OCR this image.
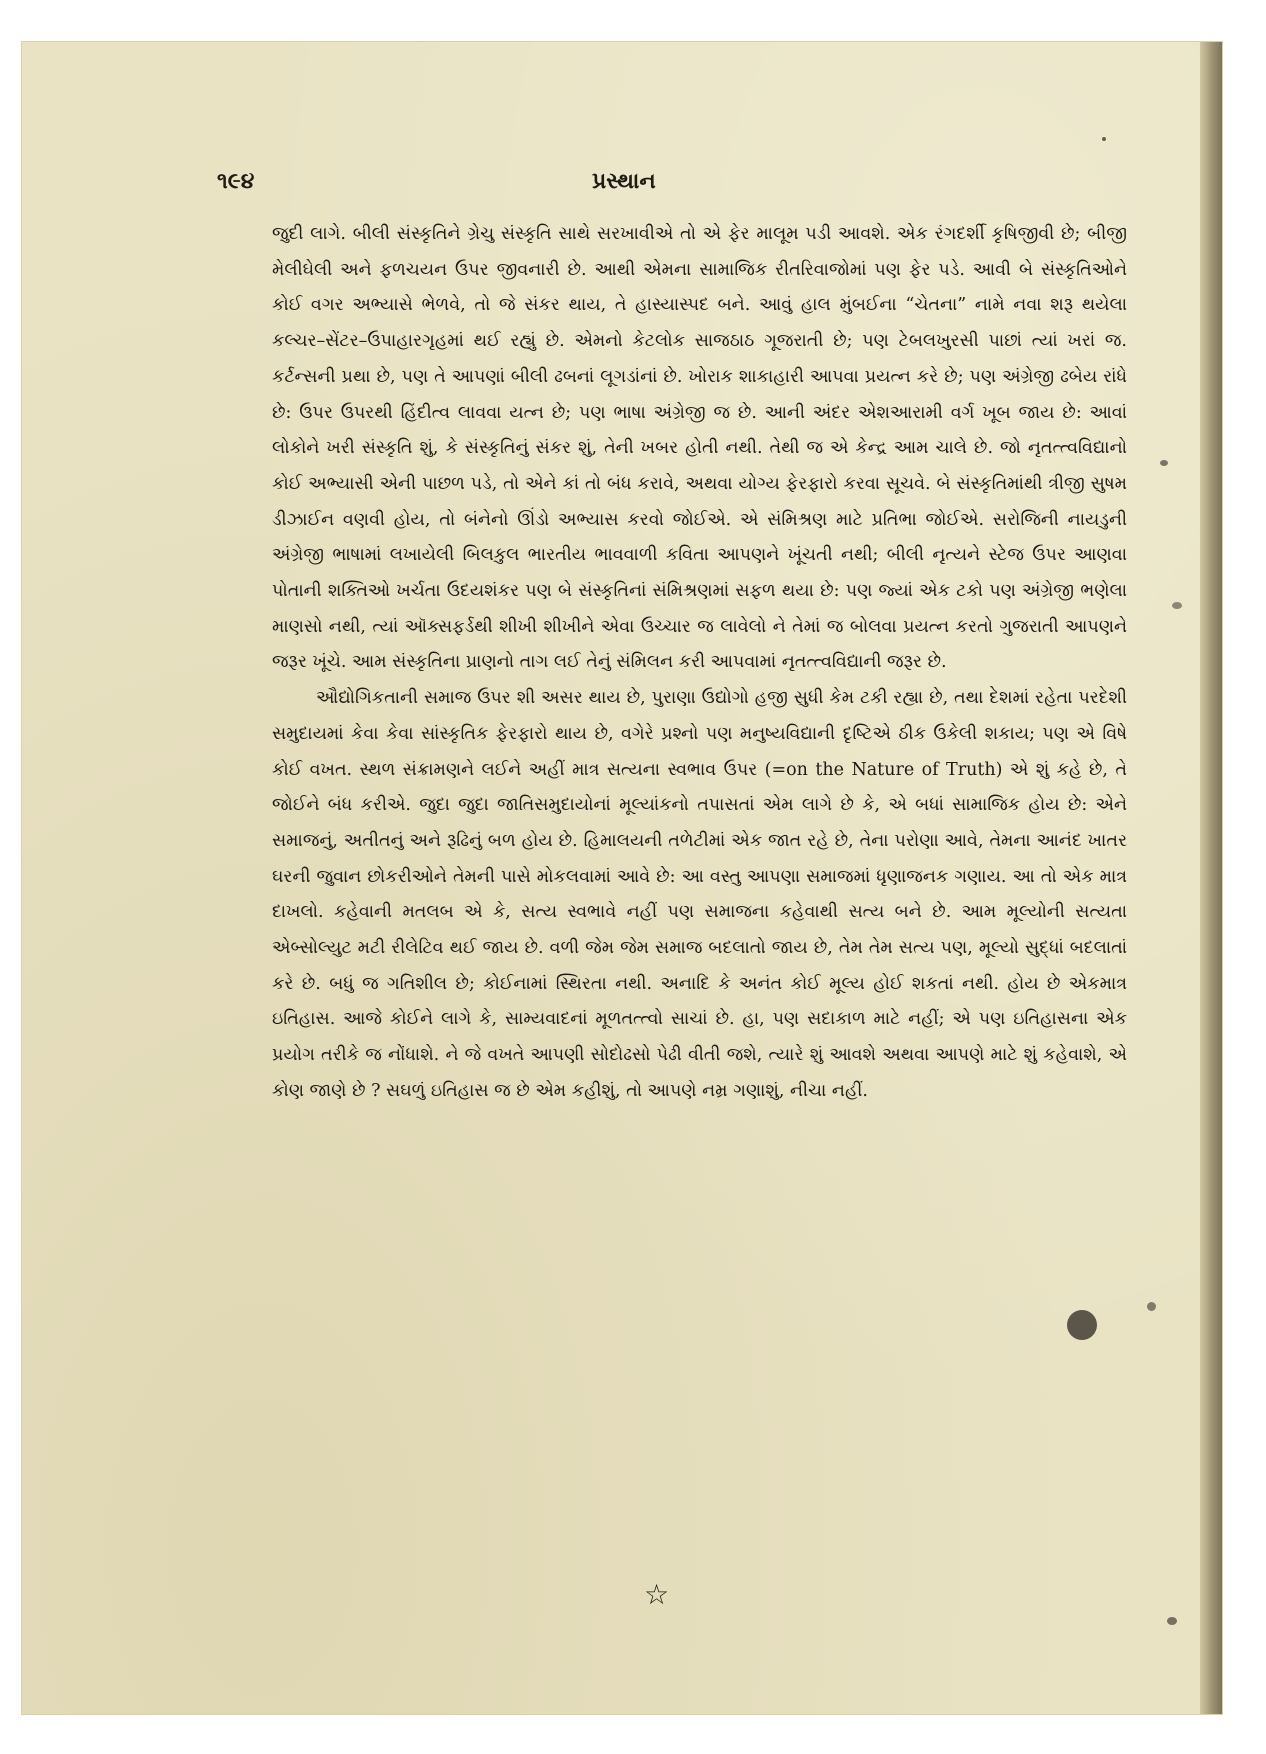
૧૯૪	પ્રસ્થાન

જુદી લાગે. બીલી સંસ્કૃતિને ગ્રેચુ સંસ્કૃતિ સાથે સરખાવીએ તો એ ફેર માલૂમ પડી આવશે. એક રંગદર્શી કૃષિજીવી છે; બીજી મેલીઘેલી અને ફળચયન ઉપર જીવનારી છે. આથી એમના સામાજિક રીતરિવાજોમાં પણ ફેર પડે. આવી બે સંસ્કૃતિઓને કોઈ વગર અભ્યાસે ભેળવે, તો જે સંકર થાય, તે હાસ્યાસ્પદ બને. આવું હાલ મુંબઈના “ચેતના” નામે નવા શરૂ થયેલા કલ્ચર–સેંટર–ઉપાહારગૃહમાં થઈ રહ્યું છે. એમનો કેટલોક સાજઠાઠ ગૂજરાતી છે; પણ ટેબલખુરસી પાછાં ત્યાં ખરાં જ. કર્ટન્સની પ્રથા છે, પણ તે આપણાં બીલી ઢબનાં લૂગડાંનાં છે. ખોરાક શાકાહારી આપવા પ્રયત્ન કરે છે; પણ અંગ્રેજી ઢબેય રાંધે છે: ઉપર ઉપરથી હિંદીત્વ લાવવા યત્ન છે; પણ ભાષા અંગ્રેજી જ છે. આની અંદર એશઆરામી વર્ગ ખૂબ જાય છે: આવાં લોકોને ખરી સંસ્કૃતિ શું, કે સંસ્કૃતિનું સંકર શું, તેની ખબર હોતી નથી. તેથી જ એ કેન્દ્ર આમ ચાલે છે. જો નૃતત્ત્વવિદ્યાનો કોઈ અભ્યાસી એની પાછળ પડે, તો એને કાં તો બંધ કરાવે, અથવા યોગ્ય ફેરફારો કરવા સૂચવે. બે સંસ્કૃતિમાંથી ત્રીજી સુષમ ડીઝાઈન વણવી હોય, તો બંનેનો ઊંડો અભ્યાસ કરવો જોઈએ. એ સંમિશ્રણ માટે પ્રતિભા જોઈએ. સરોજિની નાયડુની અંગ્રેજી ભાષામાં લખાયેલી બિલકુલ ભારતીય ભાવવાળી કવિતા આપણને ખૂંચતી નથી; બીલી નૃત્યને સ્ટેજ ઉપર આણવા પોતાની શક્તિઓ ખર્ચતા ઉદયશંકર પણ બે સંસ્કૃતિનાં સંમિશ્રણમાં સફળ થયા છે: પણ જ્યાં એક ટકો પણ અંગ્રેજી ભણેલા માણસો નથી, ત્યાં ઑક્સફર્ડથી શીખી શીખીને એવા ઉચ્ચાર જ લાવેલો ને તેમાં જ બોલવા પ્રયત્ન કરતો ગુજરાતી આપણને જરૂર ખૂંચે. આમ સંસ્કૃતિના પ્રાણનો તાગ લઈ તેનું સંમિલન કરી આપવામાં નૃતત્ત્વવિદ્યાની જરૂર છે.

ઔદ્યોગિકતાની સમાજ ઉપર શી અસર થાય છે, પુરાણા ઉદ્યોગો હજી સુધી કેમ ટકી રહ્યા છે, તથા દેશમાં રહેતા પરદેશી સમુદાયમાં કેવા કેવા સાંસ્કૃતિક ફેરફારો થાય છે, વગેરે પ્રશ્નો પણ મનુષ્યવિદ્યાની દૃષ્ટિએ ઠીક ઉકેલી શકાય; પણ એ વિષે કોઈ વખત. સ્થળ સંક્રામણને લઈને અહીં માત્ર સત્યના સ્વભાવ ઉપર (=on the Nature of Truth) એ શું કહે છે, તે જોઈને બંધ કરીએ. જુદા જુદા જાતિસમુદાયોનાં મૂલ્યાંકનો તપાસતાં એમ લાગે છે કે, એ બધાં સામાજિક હોય છે: એને સમાજનું, અતીતનું અને રૂઢિનું બળ હોય છે. હિમાલયની તળેટીમાં એક જાત રહે છે, તેના પરોણા આવે, તેમના આનંદ ખાતર ઘરની જુવાન છોકરીઓને તેમની પાસે મોકલવામાં આવે છે: આ વસ્તુ આપણા સમાજમાં ધૃણાજનક ગણાય. આ તો એક માત્ર દાખલો. કહેવાની મતલબ એ કે, સત્ય સ્વભાવે નહીં પણ સમાજના કહેવાથી સત્ય બને છે. આમ મૂલ્યોની સત્યતા એબ્સોલ્યુટ મટી રીલેટિવ થઈ જાય છે. વળી જેમ જેમ સમાજ બદલાતો જાય છે, તેમ તેમ સત્ય પણ, મૂલ્યો સુદ્ધાં બદલાતાં કરે છે. બધું જ ગતિશીલ છે; કોઈનામાં સ્થિરતા નથી. અનાદિ કે અનંત કોઈ મૂલ્ય હોઈ શકતાં નથી. હોય છે એકમાત્ર ઇતિહાસ. આજે કોઈને લાગે કે, સામ્યવાદનાં મૂળતત્ત્વો સાચાં છે. હા, પણ સદાકાળ માટે નહીં; એ પણ ઇતિહાસના એક પ્રયોગ તરીકે જ નોંધાશે. ને જે વખતે આપણી સોદોઢસો પેઢી વીતી જશે, ત્યારે શું આવશે અથવા આપણે માટે શું કહેવાશે, એ કોણ જાણે છે ? સઘળું ઇતિહાસ જ છે એમ કહીશું, તો આપણે નમ્ર ગણાશું, નીચા નહીં.

☆
